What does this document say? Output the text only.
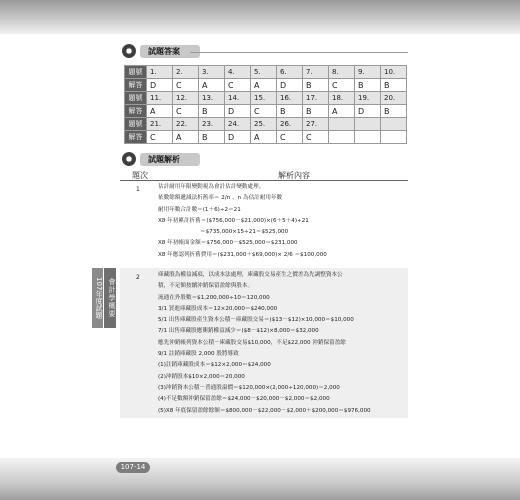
試題答案
題號	1.	2.	3.	4.	5.	6.	7.	8.	9.	10.
解答	D	C	A	C	A	D	B	C	B	B
題號	11.	12.	13.	14.	15.	16.	17.	18.	19.	20.
解答	A	C	B	D	C	B	B	A	D	B
題號	21.	22.	23.	24.	25.	26.	27.			
解答	C	A	B	D	A	C	C			
試題解析
題次	解析內容
1	估計耐用年限變動視為會計估計變動處理。
依數餘額遞減法折舊率＝ 2/n ，n 為估計耐用年數
耐用年數合計數＝(1＋6)÷2＝21
X8 年初累計折舊＝($756,000－$21,000)×(6＋5＋4)÷21
＝$735,000×15÷21＝$525,000
X8 年初帳面金額＝$756,000－$525,000＝$231,000
X8 年應認列折舊費用＝($231,000＋$69,000)× 2/6 ＝$100,000
2	庫藏股為權益減項，以成本法處理，庫藏股交易產生之價差為先調整資本公
積，不足額按續沖銷保留盈餘與股本。
流通在外股數＝$1,200,000÷10＝120,000
3/1 買進庫藏股成本＝12×20,000＝$240,000
5/1 出售庫藏股產生資本公積－庫藏股交易＝($13－$12)×10,000＝$10,000
7/1 出售庫藏股應衝銷權益減少＝($8－$12)×8,000＝$32,000
應先沖銷帳列資本公積－庫藏股交易$10,000，不足$22,000 沖銷保留盈餘
9/1 註銷庫藏股 2,000 股將導致
(1)註銷庫藏股成本＝$12×2,000＝$24,000
(2)沖銷股本$10×2,000＝20,000
(3)沖銷資本公積－普通股溢價＝$120,000×(2,000÷120,000)＝2,000
(4)不足數額沖銷保留盈餘＝$24,000－$20,000－$2,000＝$2,000
(5)X8 年底保留盈餘餘額＝$800,000－$22,000－$2,000＋$200,000＝$976,000
107年度試題 會計學概要
107-14
